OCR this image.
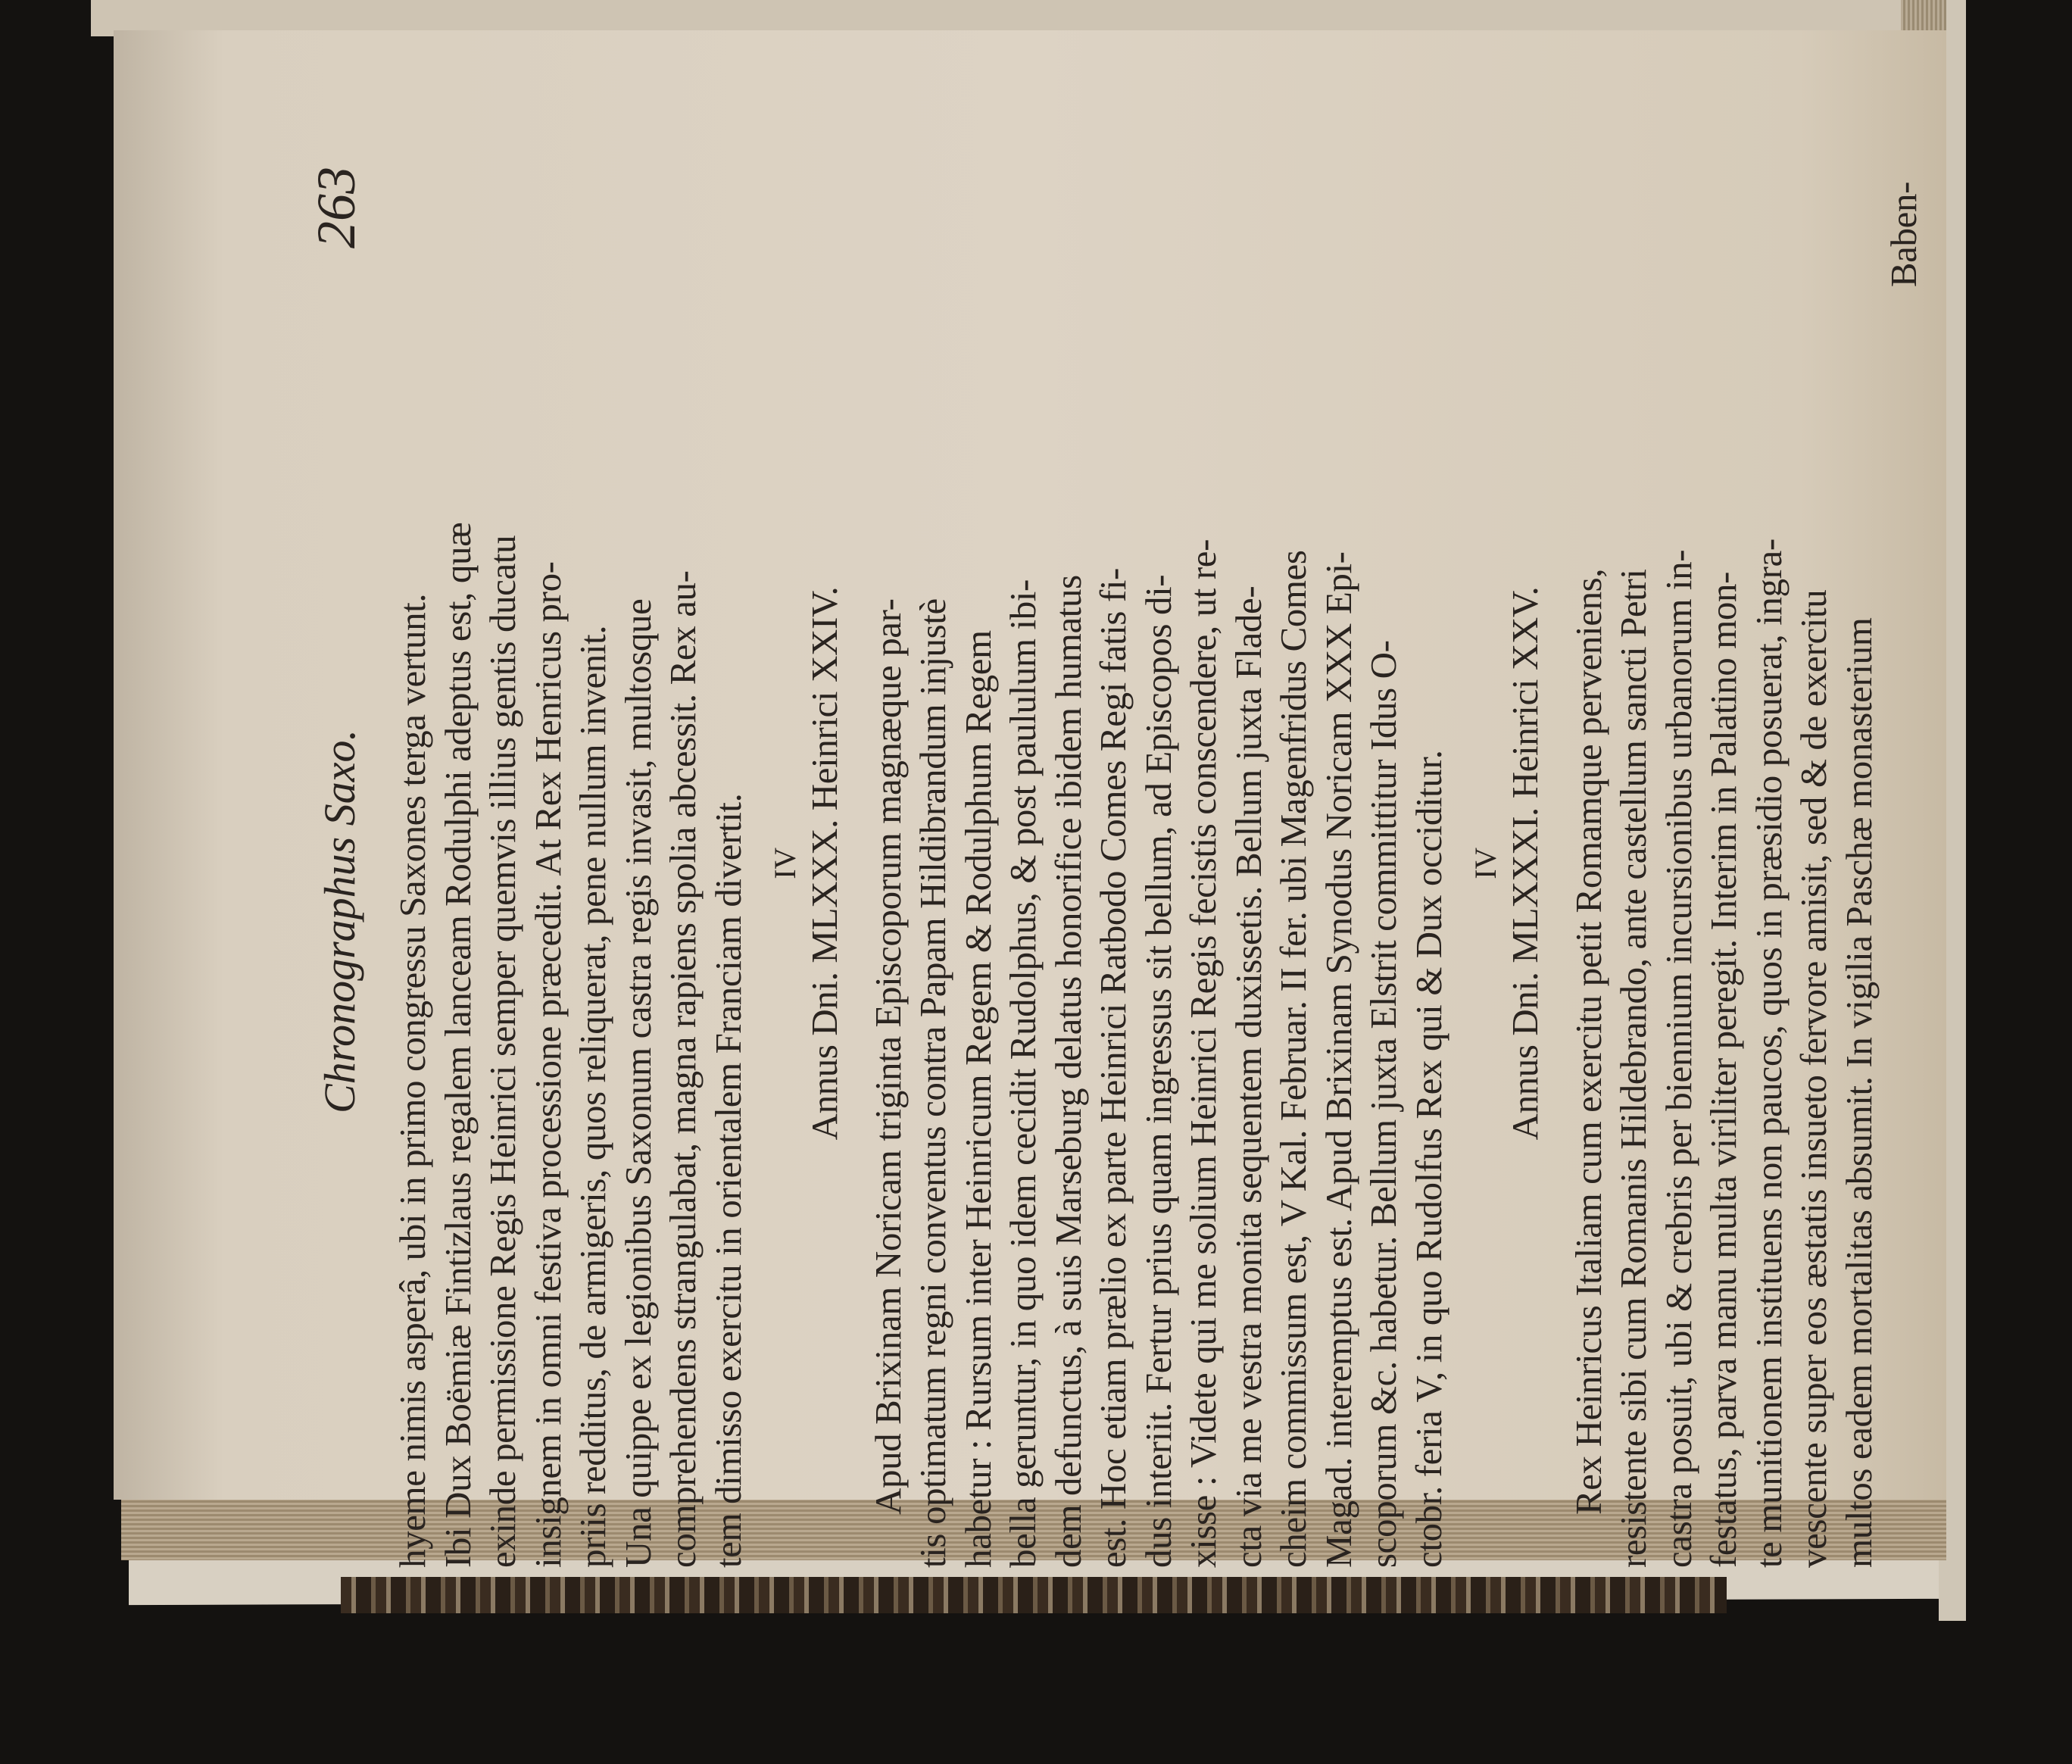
Chronographus Saxo.
263
hyeme nimis asperâ, ubi in primo congressu Saxones terga vertunt. Ibi Dux Boëmiæ Fintizlaus regalem lanceam Rodulphi adeptus est, quæ exinde permissione Regis Heinrici semper quemvis illius gentis ducatu insignem in omni festiva processione præcedit. At Rex Henricus pro- priis redditus, de armigeris, quos reliquerat, pene nullum invenit. Una quippe ex legionibus Saxonum castra regis invasit, multosque comprehendens strangulabat, magna rapiens spolia abcessit. Rex au- tem dimisso exercitu in orientalem Franciam divertit. IV Annus Dni. MLXXX. Heinrici XXIV. Apud Brixinam Noricam triginta Episcoporum magnæque par- tis optimatum regni conventus contra Papam Hildibrandum injustè habetur : Rursum inter Heinricum Regem & Rodulphum Regem bella geruntur, in quo idem cecidit Rudolphus, & post paululum ibi- dem defunctus, à suis Marseburg delatus honorifice ibidem humatus est. Hoc etiam prælio ex parte Heinrici Ratbodo Comes Regi fatis fi- dus interiit. Fertur prius quam ingressus sit bellum, ad Episcopos di- xisse : Videte qui me solium Heinrici Regis fecistis conscendere, ut re- cta via me vestra monita sequentem duxissetis. Bellum juxta Flade- cheim commissum est, V Kal. Februar. II fer. ubi Magenfridus Comes Magad. interemptus est. Apud Brixinam Synodus Noricam XXX Epi- scoporum &c. habetur. Bellum juxta Elstrit committitur Idus O- ctobr. feria V, in quo Rudolfus Rex qui & Dux occiditur. IV Annus Dni. MLXXXI. Heinrici XXV. Rex Heinricus Italiam cum exercitu petit Romamque perveniens, resistente sibi cum Romanis Hildebrando, ante castellum sancti Petri castra posuit, ubi & crebris per biennium incursionibus urbanorum in- festatus, parva manu multa viriliter peregit. Interim in Palatino mon- te munitionem instituens non paucos, quos in præsidio posuerat, ingra- vescente super eos æstatis insueto fervore amisit, sed & de exercitu multos eadem mortalitas absumit. In vigilia Paschæ monasterium
Baben-
